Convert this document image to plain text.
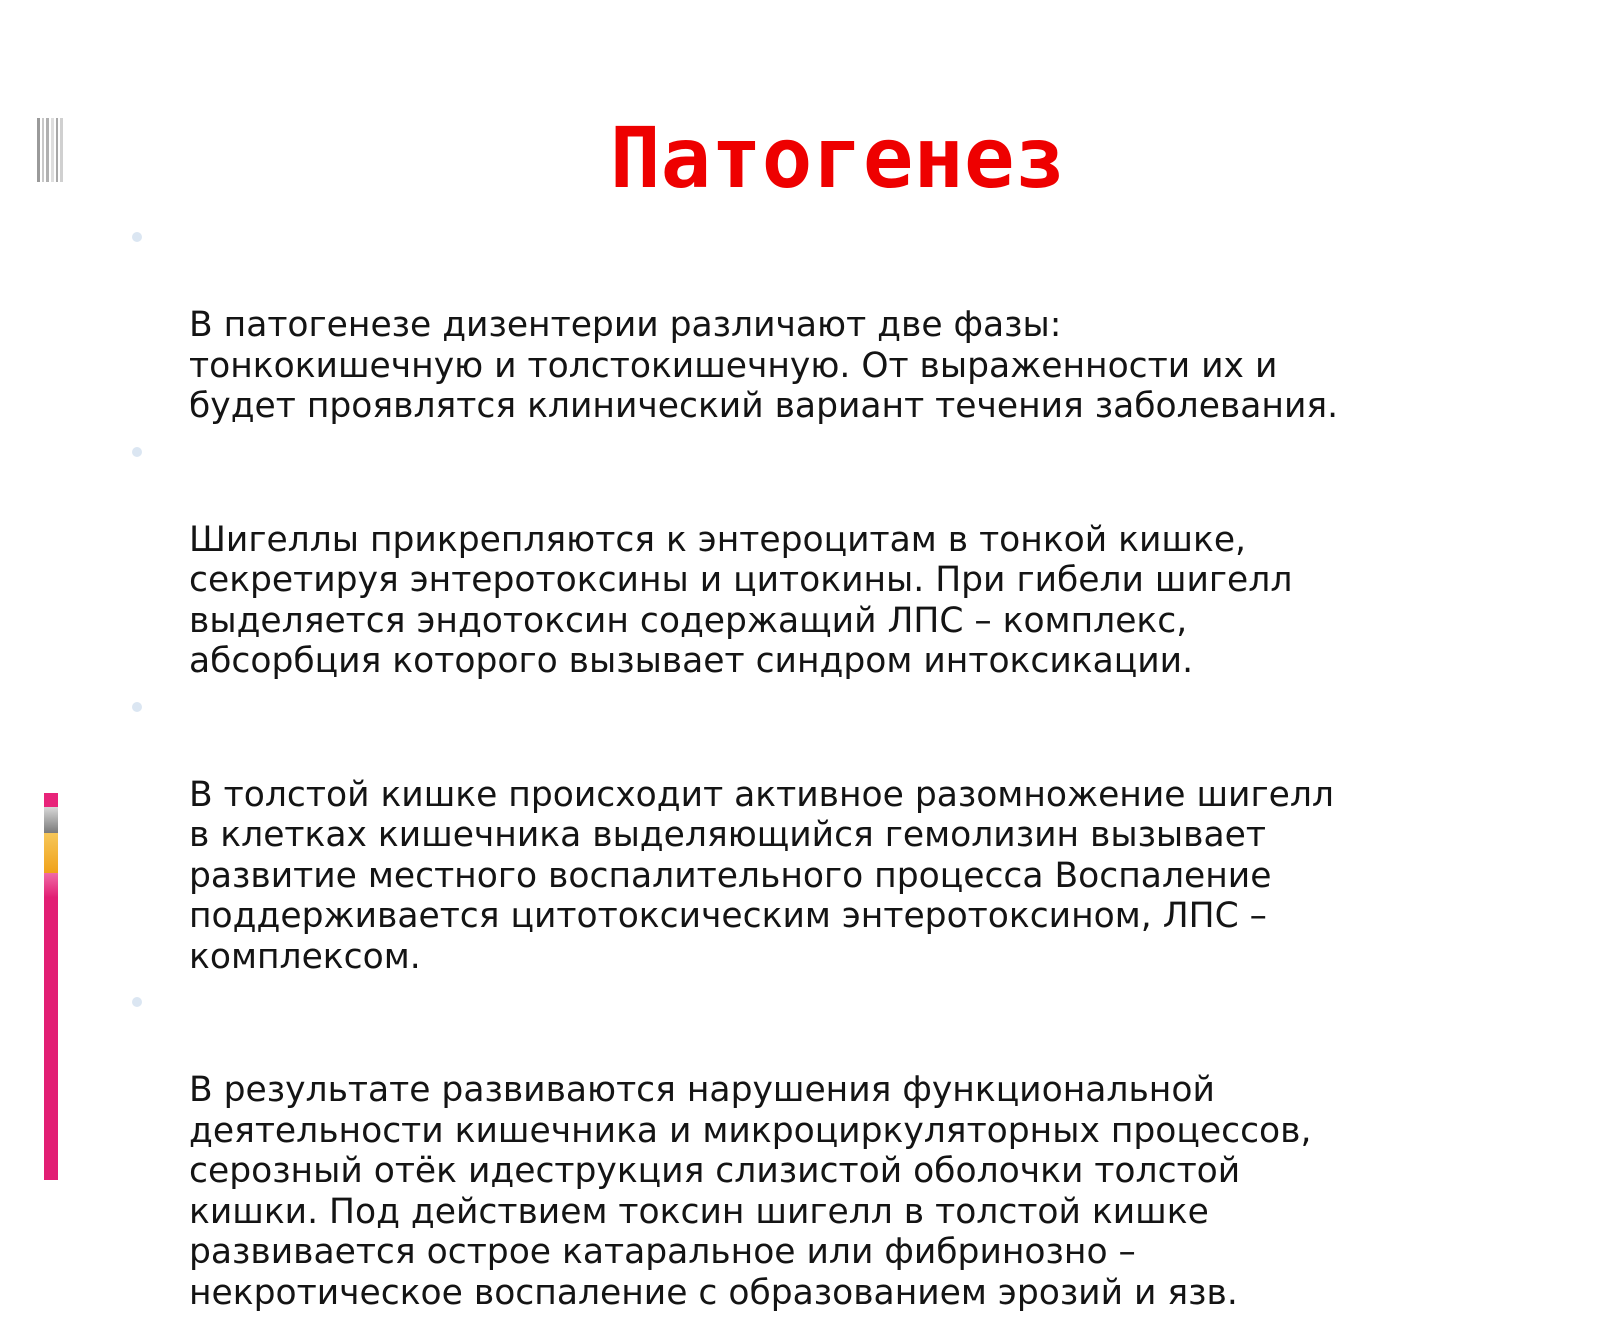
Патогенез

В патогенезе дизентерии различают две фазы:
тонкокишечную и толстокишечную. От выраженности их и
будет проявлятся клинический вариант течения заболевания.

Шигеллы прикрепляются к энтероцитам в тонкой кишке,
секретируя энтеротоксины и цитокины. При гибели шигелл
выделяется эндотоксин содержащий ЛПС – комплекс,
абсорбция которого вызывает синдром интоксикации.

В толстой кишке происходит активное разомножение шигелл
в клетках кишечника выделяющийся гемолизин вызывает
развитие местного воспалительного процесса Воспаление
поддерживается цитотоксическим энтеротоксином, ЛПС –
комплексом.

В результате развиваются нарушения функциональной
деятельности кишечника и микроциркуляторных процессов,
серозный отёк идеструкция слизистой оболочки толстой
кишки. Под действием токсин шигелл в толстой кишке
развивается острое катаральное или фибринозно –
некротическое воспаление с образованием эрозий и язв.
